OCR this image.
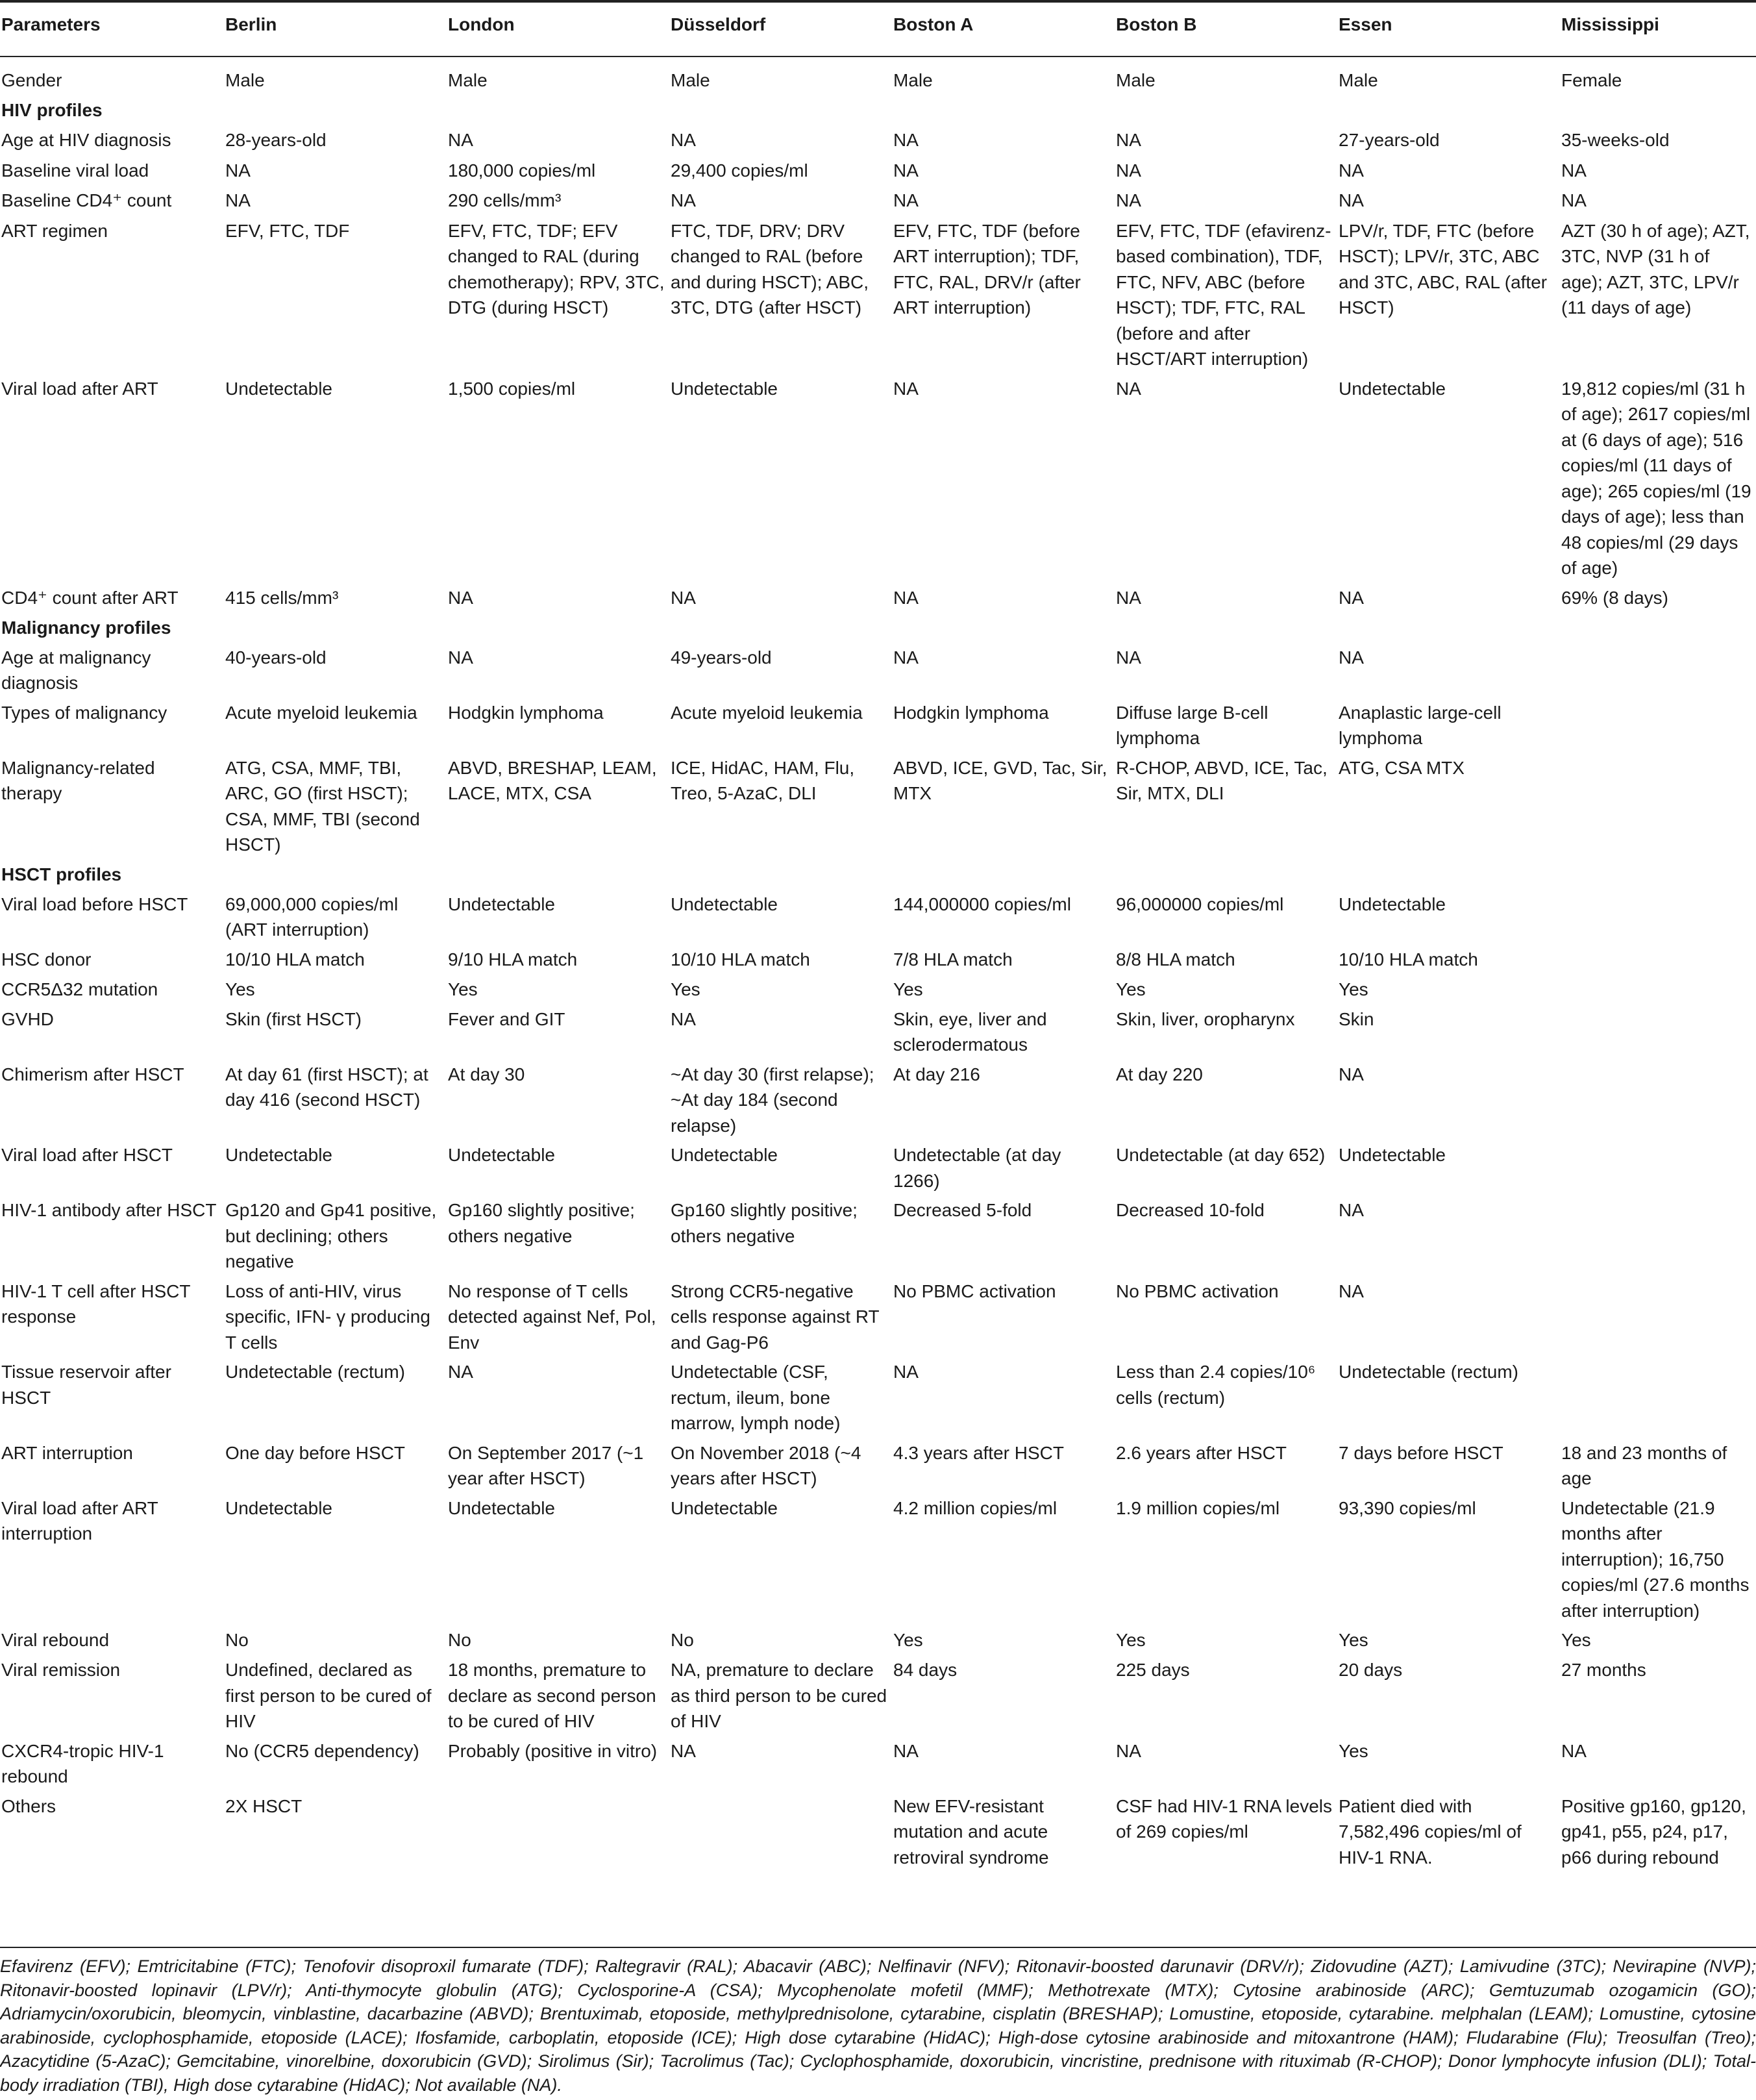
Parameters	Berlin	London	Düsseldorf	Boston A	Boston B	Essen	Mississippi
Gender	Male	Male	Male	Male	Male	Male	Female
HIV profiles							
Age at HIV diagnosis	28-years-old	NA	NA	NA	NA	27-years-old	35-weeks-old
Baseline viral load	NA	180,000 copies/ml	29,400 copies/ml	NA	NA	NA	NA
Baseline CD4⁺ count	NA	290 cells/mm³	NA	NA	NA	NA	NA
ART regimen	EFV, FTC, TDF	EFV, FTC, TDF; EFV changed to RAL (during chemotherapy); RPV, 3TC, DTG (during HSCT)	FTC, TDF, DRV; DRV changed to RAL (before and during HSCT); ABC, 3TC, DTG (after HSCT)	EFV, FTC, TDF (before ART interruption); TDF, FTC, RAL, DRV/r (after ART interruption)	EFV, FTC, TDF (efavirenz-based combination), TDF, FTC, NFV, ABC (before HSCT); TDF, FTC, RAL (before and after HSCT/ART interruption)	LPV/r, TDF, FTC (before HSCT); LPV/r, 3TC, ABC and 3TC, ABC, RAL (after HSCT)	AZT (30 h of age); AZT, 3TC, NVP (31 h of age); AZT, 3TC, LPV/r (11 days of age)
Viral load after ART	Undetectable	1,500 copies/ml	Undetectable	NA	NA	Undetectable	19,812 copies/ml (31 h of age); 2617 copies/ml at (6 days of age); 516 copies/ml (11 days of age); 265 copies/ml (19 days of age); less than 48 copies/ml (29 days of age)
CD4⁺ count after ART	415 cells/mm³	NA	NA	NA	NA	NA	69% (8 days)
Malignancy profiles							
Age at malignancy diagnosis	40-years-old	NA	49-years-old	NA	NA	NA	
Types of malignancy	Acute myeloid leukemia	Hodgkin lymphoma	Acute myeloid leukemia	Hodgkin lymphoma	Diffuse large B-cell lymphoma	Anaplastic large-cell lymphoma	
Malignancy-related therapy	ATG, CSA, MMF, TBI, ARC, GO (first HSCT); CSA, MMF, TBI (second HSCT)	ABVD, BRESHAP, LEAM, LACE, MTX, CSA	ICE, HidAC, HAM, Flu, Treo, 5-AzaC, DLI	ABVD, ICE, GVD, Tac, Sir, MTX	R-CHOP, ABVD, ICE, Tac, Sir, MTX, DLI	ATG, CSA MTX	
HSCT profiles							
Viral load before HSCT	69,000,000 copies/ml (ART interruption)	Undetectable	Undetectable	144,000000 copies/ml	96,000000 copies/ml	Undetectable	
HSC donor	10/10 HLA match	9/10 HLA match	10/10 HLA match	7/8 HLA match	8/8 HLA match	10/10 HLA match	
CCR5Δ32 mutation	Yes	Yes	Yes	Yes	Yes	Yes	
GVHD	Skin (first HSCT)	Fever and GIT	NA	Skin, eye, liver and sclerodermatous	Skin, liver, oropharynx	Skin	
Chimerism after HSCT	At day 61 (first HSCT); at day 416 (second HSCT)	At day 30	~At day 30 (first relapse); ~At day 184 (second relapse)	At day 216	At day 220	NA	
Viral load after HSCT	Undetectable	Undetectable	Undetectable	Undetectable (at day 1266)	Undetectable (at day 652)	Undetectable	
HIV-1 antibody after HSCT	Gp120 and Gp41 positive, but declining; others negative	Gp160 slightly positive; others negative	Gp160 slightly positive; others negative	Decreased 5-fold	Decreased 10-fold	NA	
HIV-1 T cell after HSCT response	Loss of anti-HIV, virus specific, IFN- γ producing T cells	No response of T cells detected against Nef, Pol, Env	Strong CCR5-negative cells response against RT and Gag-P6	No PBMC activation	No PBMC activation	NA	
Tissue reservoir after HSCT	Undetectable (rectum)	NA	Undetectable (CSF, rectum, ileum, bone marrow, lymph node)	NA	Less than 2.4 copies/10⁶ cells (rectum)	Undetectable (rectum)	
ART interruption	One day before HSCT	On September 2017 (~1 year after HSCT)	On November 2018 (~4 years after HSCT)	4.3 years after HSCT	2.6 years after HSCT	7 days before HSCT	18 and 23 months of age
Viral load after ART interruption	Undetectable	Undetectable	Undetectable	4.2 million copies/ml	1.9 million copies/ml	93,390 copies/ml	Undetectable (21.9 months after interruption); 16,750 copies/ml (27.6 months after interruption)
Viral rebound	No	No	No	Yes	Yes	Yes	Yes
Viral remission	Undefined, declared as first person to be cured of HIV	18 months, premature to declare as second person to be cured of HIV	NA, premature to declare as third person to be cured of HIV	84 days	225 days	20 days	27 months
CXCR4-tropic HIV-1 rebound	No (CCR5 dependency)	Probably (positive in vitro)	NA	NA	NA	Yes	NA
Others	2X HSCT			New EFV-resistant mutation and acute retroviral syndrome	CSF had HIV-1 RNA levels of 269 copies/ml	Patient died with 7,582,496 copies/ml of HIV-1 RNA.	Positive gp160, gp120, gp41, p55, p24, p17, p66 during rebound

Efavirenz (EFV); Emtricitabine (FTC); Tenofovir disoproxil fumarate (TDF); Raltegravir (RAL); Abacavir (ABC); Nelfinavir (NFV); Ritonavir-boosted darunavir (DRV/r); Zidovudine (AZT); Lamivudine (3TC); Nevirapine (NVP); Ritonavir-boosted lopinavir (LPV/r); Anti-thymocyte globulin (ATG); Cyclosporine-A (CSA); Mycophenolate mofetil (MMF); Methotrexate (MTX); Cytosine arabinoside (ARC); Gemtuzumab ozogamicin (GO); Adriamycin/oxorubicin, bleomycin, vinblastine, dacarbazine (ABVD); Brentuximab, etoposide, methylprednisolone, cytarabine, cisplatin (BRESHAP); Lomustine, etoposide, cytarabine. melphalan (LEAM); Lomustine, cytosine arabinoside, cyclophosphamide, etoposide (LACE); Ifosfamide, carboplatin, etoposide (ICE); High dose cytarabine (HidAC); High-dose cytosine arabinoside and mitoxantrone (HAM); Fludarabine (Flu); Treosulfan (Treo); Azacytidine (5-AzaC); Gemcitabine, vinorelbine, doxorubicin (GVD); Sirolimus (Sir); Tacrolimus (Tac); Cyclophosphamide, doxorubicin, vincristine, prednisone with rituximab (R-CHOP); Donor lymphocyte infusion (DLI); Total-body irradiation (TBI), High dose cytarabine (HidAC); Not available (NA).
